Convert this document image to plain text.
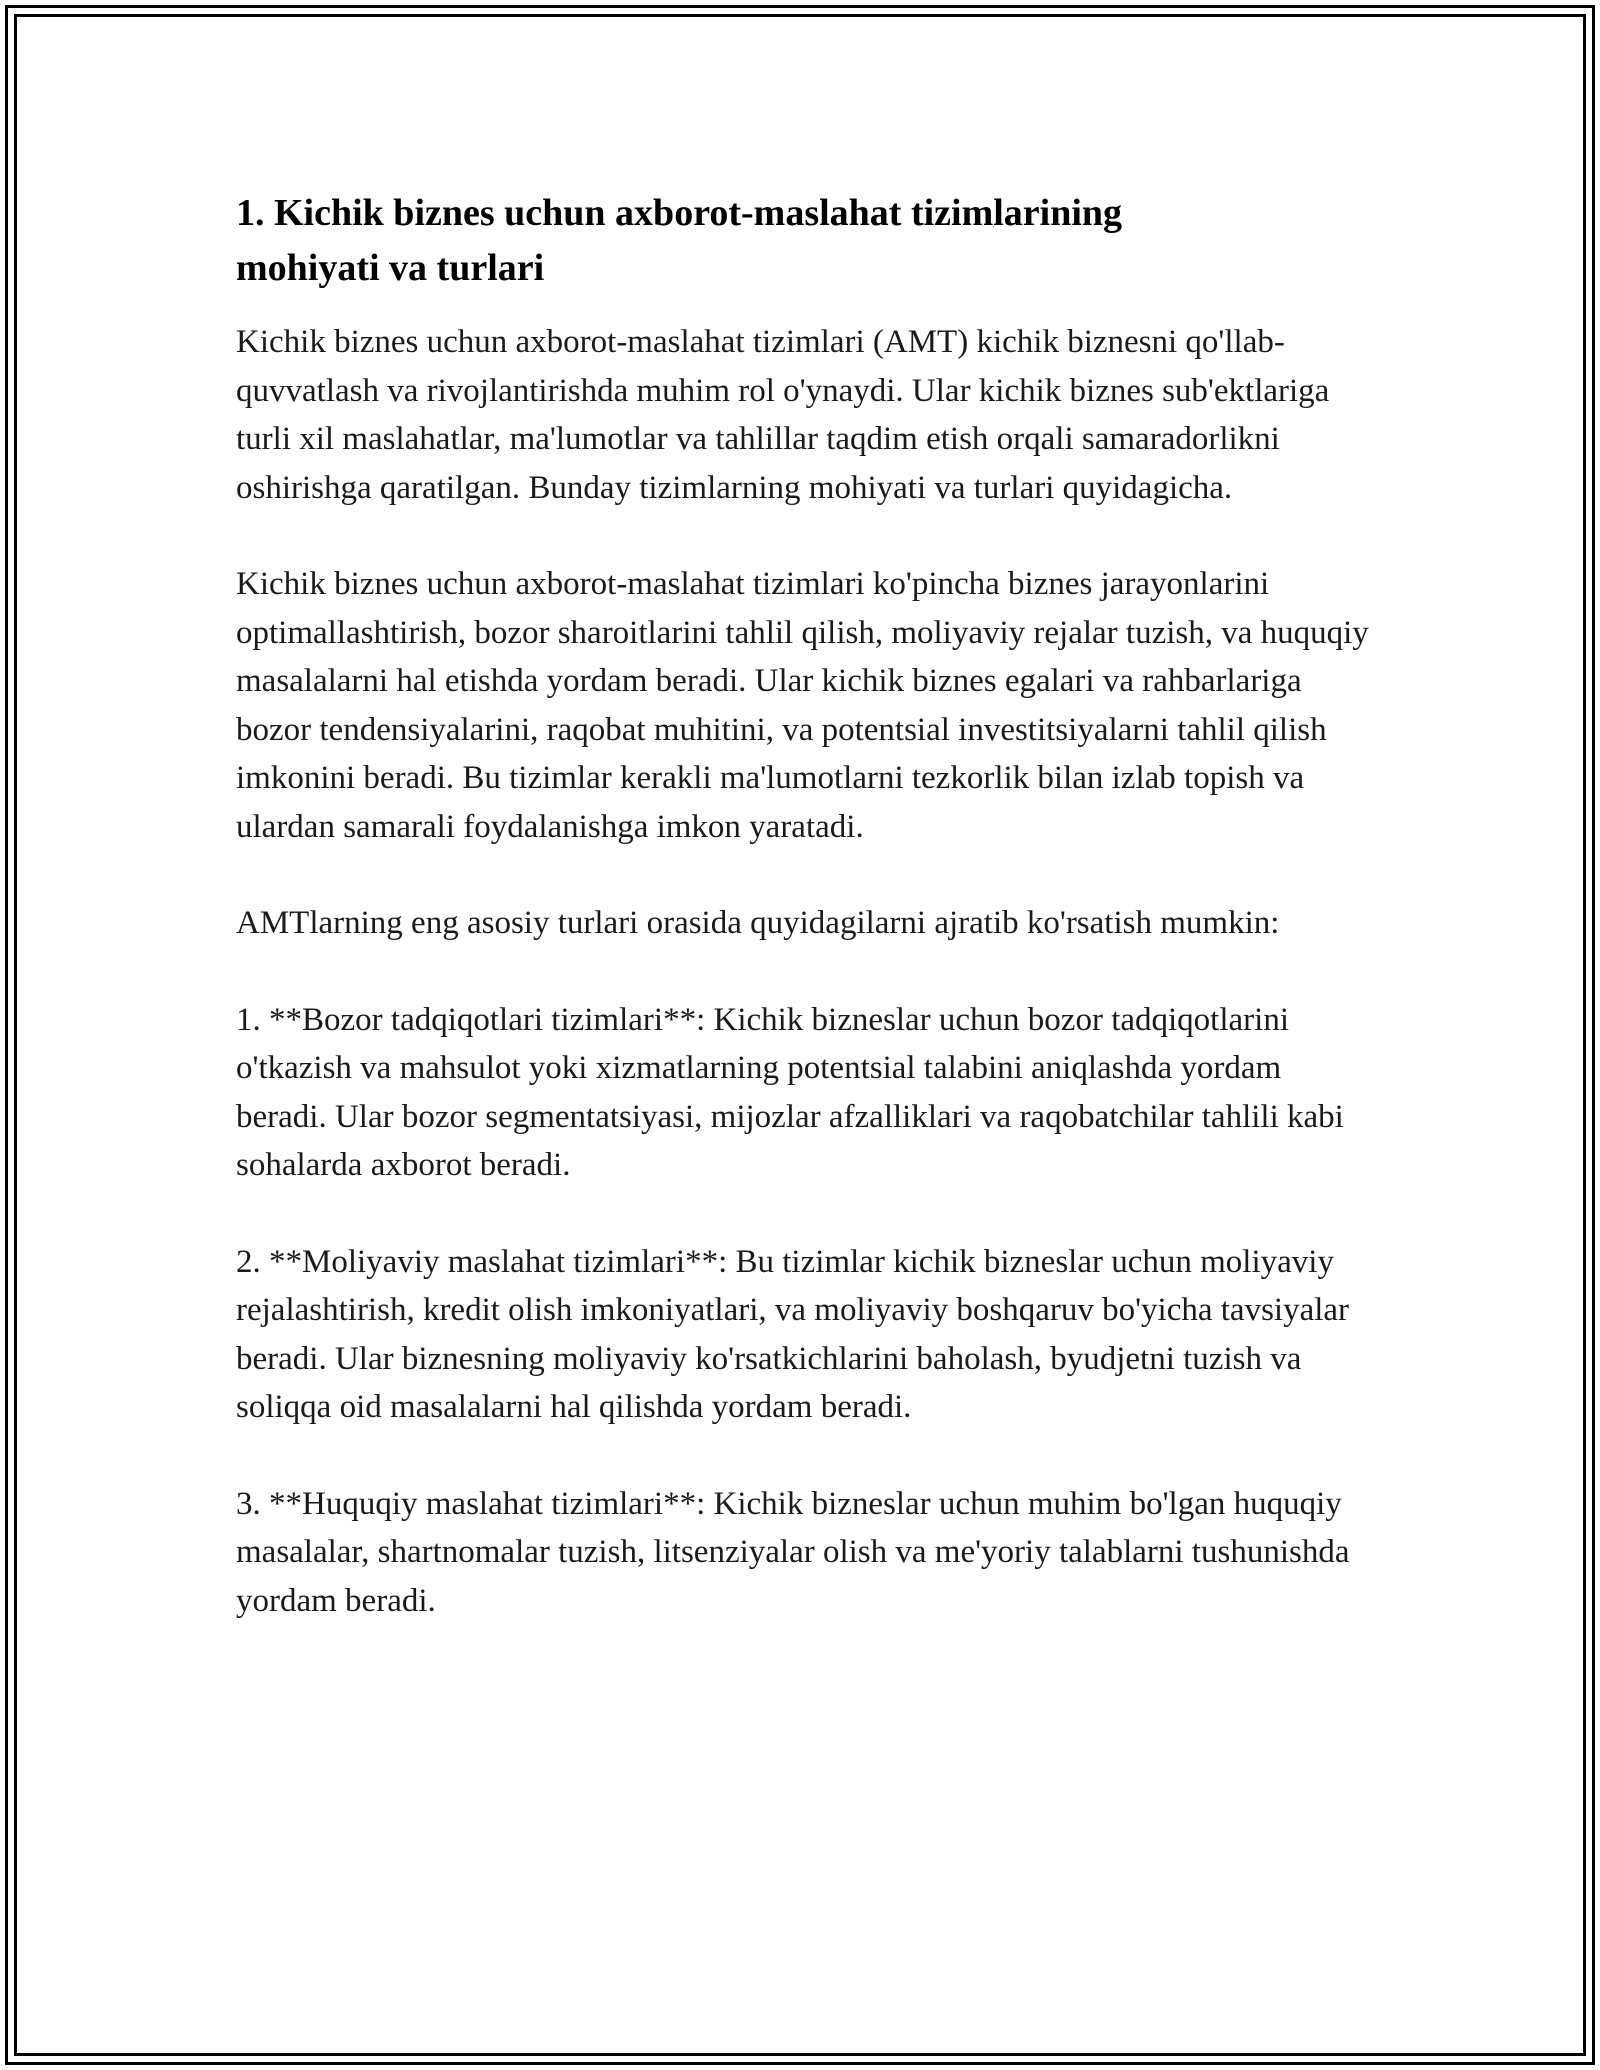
1. Kichik biznes uchun axborot-maslahat tizimlarining mohiyati va turlari

Kichik biznes uchun axborot-maslahat tizimlari (AMT) kichik biznesni qo'llab-quvvatlash va rivojlantirishda muhim rol o'ynaydi. Ular kichik biznes sub'ektlariga turli xil maslahatlar, ma'lumotlar va tahlillar taqdim etish orqali samaradorlikni oshirishga qaratilgan. Bunday tizimlarning mohiyati va turlari quyidagicha.

Kichik biznes uchun axborot-maslahat tizimlari ko'pincha biznes jarayonlarini optimallashtirish, bozor sharoitlarini tahlil qilish, moliyaviy rejalar tuzish, va huquqiy masalalarni hal etishda yordam beradi. Ular kichik biznes egalari va rahbarlariga bozor tendensiyalarini, raqobat muhitini, va potentsial investitsiyalarni tahlil qilish imkonini beradi. Bu tizimlar kerakli ma'lumotlarni tezkorlik bilan izlab topish va ulardan samarali foydalanishga imkon yaratadi.

AMTlarning eng asosiy turlari orasida quyidagilarni ajratib ko'rsatish mumkin:

1. **Bozor tadqiqotlari tizimlari**: Kichik bizneslar uchun bozor tadqiqotlarini o'tkazish va mahsulot yoki xizmatlarning potentsial talabini aniqlashda yordam beradi. Ular bozor segmentatsiyasi, mijozlar afzalliklari va raqobatchilar tahlili kabi sohalarda axborot beradi.

2. **Moliyaviy maslahat tizimlari**: Bu tizimlar kichik bizneslar uchun moliyaviy rejalashtirish, kredit olish imkoniyatlari, va moliyaviy boshqaruv bo'yicha tavsiyalar beradi. Ular biznesning moliyaviy ko'rsatkichlarini baholash, byudjetni tuzish va soliqqa oid masalalarni hal qilishda yordam beradi.

3. **Huquqiy maslahat tizimlari**: Kichik bizneslar uchun muhim bo'lgan huquqiy masalalar, shartnomalar tuzish, litsenziyalar olish va me'yoriy talablarni tushunishda yordam beradi.
